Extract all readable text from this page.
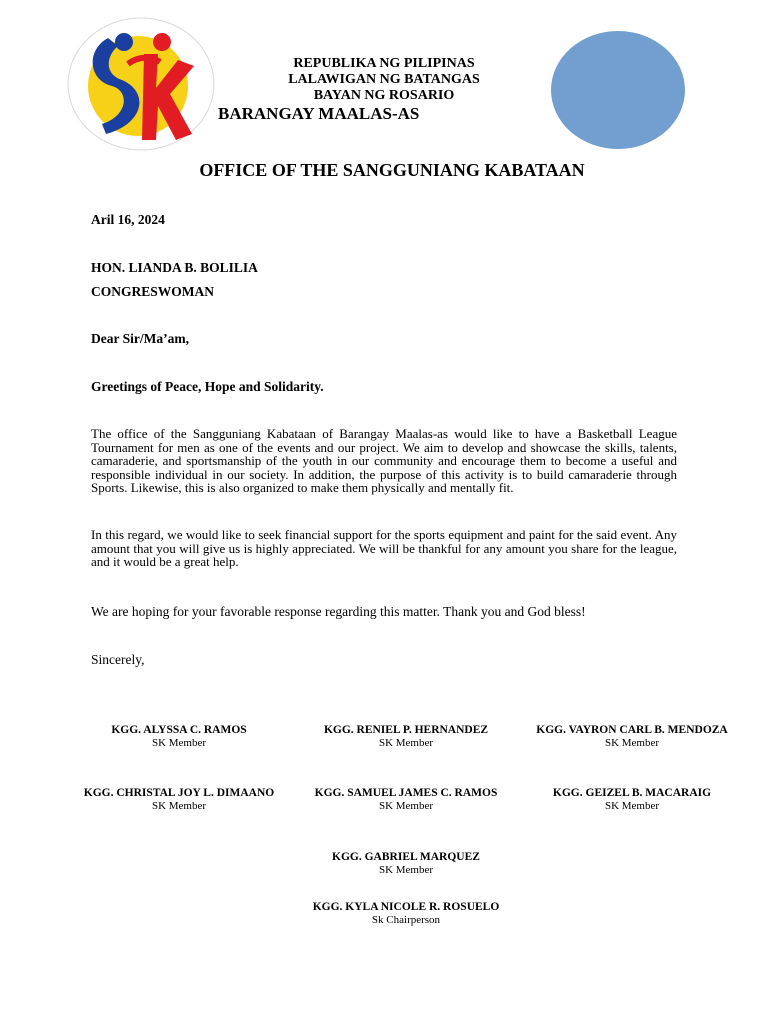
REPUBLIKA NG PILIPINAS
LALAWIGAN NG BATANGAS
BAYAN NG ROSARIO
BARANGAY MAALAS-AS
OFFICE OF THE SANGGUNIANG KABATAAN
Aril 16, 2024
HON. LIANDA B. BOLILIA
CONGRESWOMAN
Dear Sir/Ma’am,
Greetings of Peace, Hope and Solidarity.
The office of the Sangguniang Kabataan of Barangay Maalas-as would like to have a Basketball League Tournament for men as one of the events and our project. We aim to develop and showcase the skills, talents, camaraderie, and sportsmanship of the youth in our community and encourage them to become a useful and responsible individual in our society. In addition, the purpose of this activity is to build camaraderie through Sports. Likewise, this is also organized to make them physically and mentally fit.
In this regard, we would like to seek financial support for the sports equipment and paint for the said event. Any amount that you will give us is highly appreciated. We will be thankful for any amount you share for the league, and it would be a great help.
We are hoping for your favorable response regarding this matter. Thank you and God bless!
Sincerely,
KGG. ALYSSA C. RAMOS
SK Member
KGG. RENIEL P. HERNANDEZ
SK Member
KGG. VAYRON CARL B. MENDOZA
SK Member
KGG. CHRISTAL JOY L. DIMAANO
SK Member
KGG. SAMUEL JAMES C. RAMOS
SK Member
KGG. GEIZEL B. MACARAIG
SK Member
KGG. GABRIEL MARQUEZ
SK Member
KGG. KYLA NICOLE R. ROSUELO
Sk Chairperson
